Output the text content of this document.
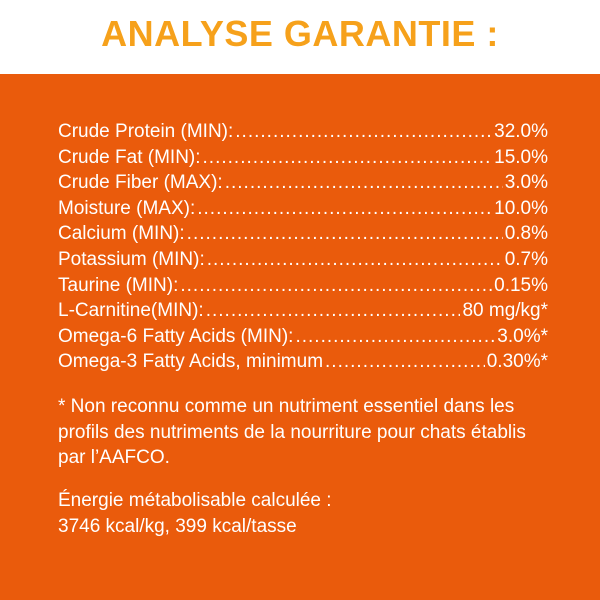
ANALYSE GARANTIE :
Crude Protein (MIN): .....	32.0%
Crude Fat (MIN): .....	15.0%
Crude Fiber (MAX): .....	3.0%
Moisture (MAX): .....	10.0%
Calcium (MIN): .....	0.8%
Potassium (MIN): .....	0.7%
Taurine (MIN): .....	0.15%
L-Carnitine(MIN): .....	80 mg/kg*
Omega-6 Fatty Acids (MIN): .....	3.0%*
Omega-3 Fatty Acids, minimum .....	0.30%*
* Non reconnu comme un nutriment essentiel dans les profils des nutriments de la nourriture pour chats établis par l’AAFCO.
Énergie métabolisable calculée :
3746 kcal/kg, 399 kcal/tasse
